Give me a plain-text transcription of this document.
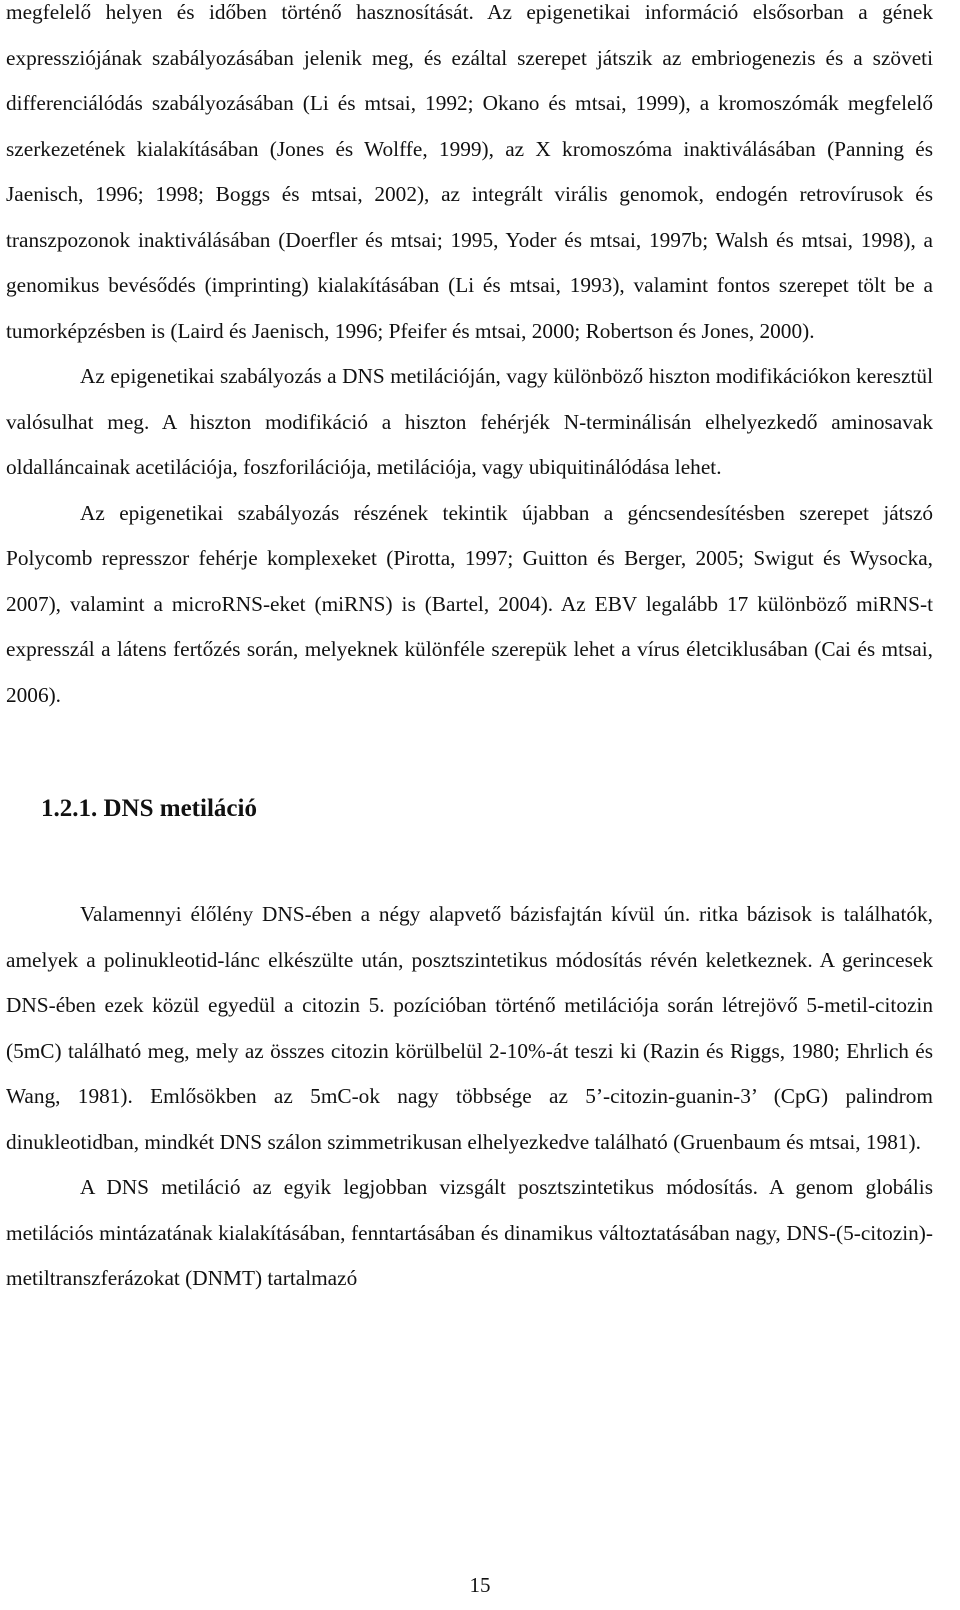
megfelelő helyen és időben történő hasznosítását. Az epigenetikai információ elsősorban a gének expressziójának szabályozásában jelenik meg, és ezáltal szerepet játszik az embriogenezis és a szöveti differenciálódás szabályozásában (Li és mtsai, 1992; Okano és mtsai, 1999), a kromoszómák megfelelő szerkezetének kialakításában (Jones és Wolffe, 1999), az X kromoszóma inaktiválásában (Panning és Jaenisch, 1996; 1998; Boggs és mtsai, 2002), az integrált virális genomok, endogén retrovírusok és transzpozonok inaktiválásában (Doerfler és mtsai; 1995, Yoder és mtsai, 1997b; Walsh és mtsai, 1998), a genomikus bevésődés (imprinting) kialakításában (Li és mtsai, 1993), valamint fontos szerepet tölt be a tumorképzésben is (Laird és Jaenisch, 1996; Pfeifer és mtsai, 2000; Robertson és Jones, 2000).

Az epigenetikai szabályozás a DNS metilációján, vagy különböző hiszton modifikációkon keresztül valósulhat meg. A hiszton modifikáció a hiszton fehérjék N-terminálisán elhelyezkedő aminosavak oldalláncainak acetilációja, foszforilációja, metilációja, vagy ubiquitinálódása lehet.

Az epigenetikai szabályozás részének tekintik újabban a géncsendesítésben szerepet játszó Polycomb represszor fehérje komplexeket (Pirotta, 1997; Guitton és Berger, 2005; Swigut és Wysocka, 2007), valamint a microRNS-eket (miRNS) is (Bartel, 2004). Az EBV legalább 17 különböző miRNS-t expresszál a látens fertőzés során, melyeknek különféle szerepük lehet a vírus életciklusában (Cai és mtsai, 2006).

1.2.1. DNS metiláció

Valamennyi élőlény DNS-ében a négy alapvető bázisfajtán kívül ún. ritka bázisok is találhatók, amelyek a polinukleotid-lánc elkészülte után, posztszintetikus módosítás révén keletkeznek. A gerincesek DNS-ében ezek közül egyedül a citozin 5. pozícióban történő metilációja során létrejövő 5-metil-citozin (5mC) található meg, mely az összes citozin körülbelül 2-10%-át teszi ki (Razin és Riggs, 1980; Ehrlich és Wang, 1981). Emlősökben az 5mC-ok nagy többsége az 5’-citozin-guanin-3’ (CpG) palindrom dinukleotidban, mindkét DNS szálon szimmetrikusan elhelyezkedve található (Gruenbaum és mtsai, 1981).

A DNS metiláció az egyik legjobban vizsgált posztszintetikus módosítás. A genom globális metilációs mintázatának kialakításában, fenntartásában és dinamikus változtatásában nagy, DNS-(5-citozin)-metiltranszferázokat (DNMT) tartalmazó

15
